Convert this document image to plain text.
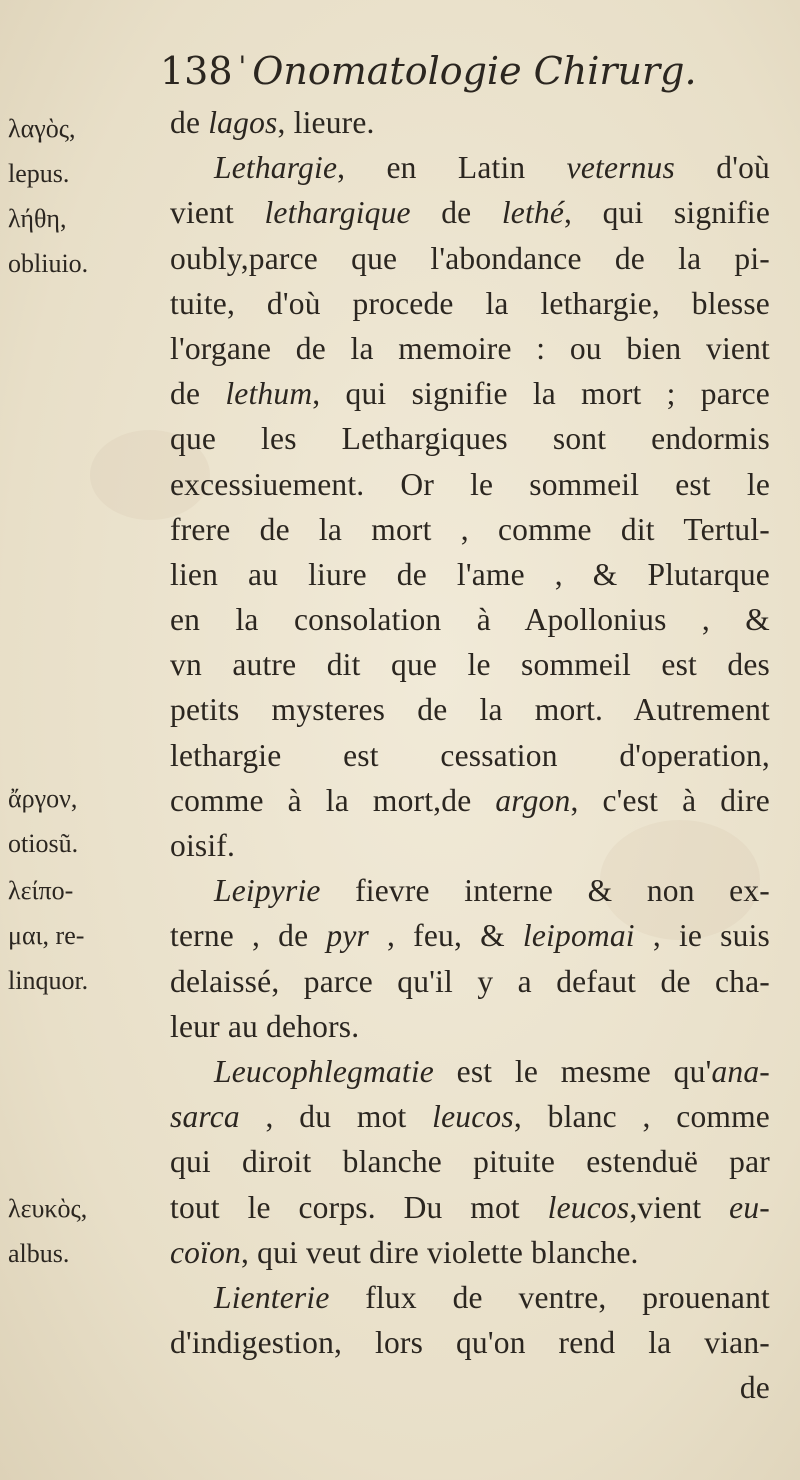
138 ' Onomatologie Chirurg.
λαγὸς,
lepus.
λήθη,
obliuio.
ἄργον,
otiosũ.
λείπο-
μαι, re-
linquor.
λευκὸς,
albus.
de lagos, lieure.
Lethargie, en Latin veternus d'où
vient lethargique de lethé, qui signifie
oubly,parce que l'abondance de la pi-
tuite, d'où procede la lethargie, blesse
l'organe de la memoire : ou bien vient
de lethum, qui signifie la mort ; parce
que les Lethargiques sont endormis
excessiuement. Or le sommeil est le
frere de la mort , comme dit Tertul-
lien au liure de l'ame , & Plutarque
en la consolation à Apollonius , &
vn autre dit que le sommeil est des
petits mysteres de la mort. Autrement
lethargie est cessation d'operation,
comme à la mort,de argon, c'est à dire
oisif.
Leipyrie fievre interne & non ex-
terne , de pyr , feu, & leipomai , ie suis
delaissé, parce qu'il y a defaut de cha-
leur au dehors.
Leucophlegmatie est le mesme qu'ana-
sarca , du mot leucos, blanc , comme
qui diroit blanche pituite estenduë par
tout le corps. Du mot leucos,vient eu-
coïon, qui veut dire violette blanche.
Lienterie flux de ventre, prouenant
d'indigestion, lors qu'on rend la vian-
de
